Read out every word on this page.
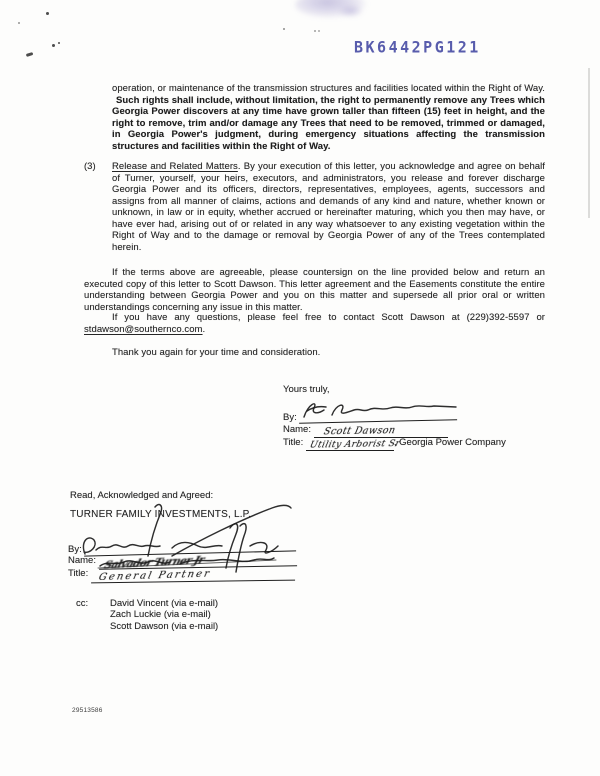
BK6442PG121

operation, or maintenance of the transmission structures and facilities located within the Right of Way. Such rights shall include, without limitation, the right to permanently remove any Trees which Georgia Power discovers at any time have grown taller than fifteen (15) feet in height, and the right to remove, trim and/or damage any Trees that need to be removed, trimmed or damaged, in Georgia Power's judgment, during emergency situations affecting the transmission structures and facilities within the Right of Way.

(3) Release and Related Matters. By your execution of this letter, you acknowledge and agree on behalf of Turner, yourself, your heirs, executors, and administrators, you release and forever discharge Georgia Power and its officers, directors, representatives, employees, agents, successors and assigns from all manner of claims, actions and demands of any kind and nature, whether known or unknown, in law or in equity, whether accrued or hereinafter maturing, which you then may have, or have ever had, arising out of or related in any way whatsoever to any existing vegetation within the Right of Way and to the damage or removal by Georgia Power of any of the Trees contemplated herein.

If the terms above are agreeable, please countersign on the line provided below and return an executed copy of this letter to Scott Dawson. This letter agreement and the Easements constitute the entire understanding between Georgia Power and you on this matter and supersede all prior oral or written understandings concerning any issue in this matter.

If you have any questions, please feel free to contact Scott Dawson at (229)392-5597 or stdawson@southernco.com.

Thank you again for your time and consideration.

Yours truly,
By:
Name: Scott Dawson
Title: Utility Arborist Sr, Georgia Power Company
Read, Acknowledged and Agreed:
TURNER FAMILY INVESTMENTS, L.P.
By:
Name: Salvador Turner Jr
Title: General Partner
cc: David Vincent (via e-mail)
Zach Luckie (via e-mail)
Scott Dawson (via e-mail)
29513586
